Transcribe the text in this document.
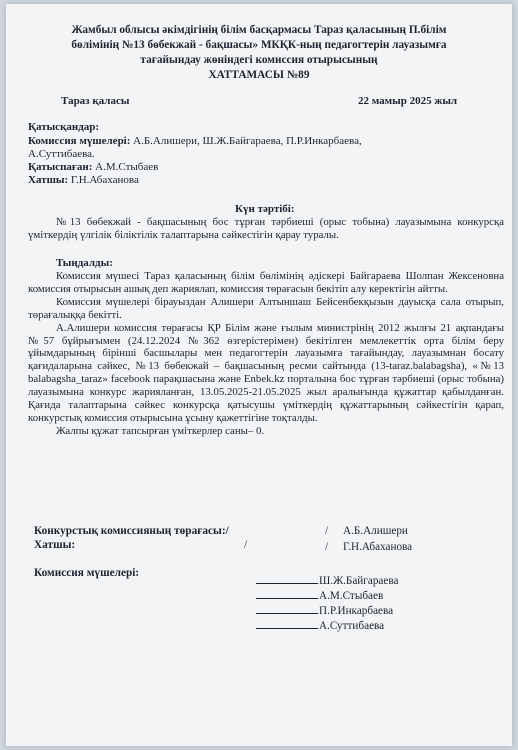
Жамбыл облысы әкімдігінің білім басқармасы Тараз қаласының П.білім
бөлімінің №13 бөбекжай - бақшасы» МКҚК-ның педагогтерін лауазымға
тағайындау жөніндегі комиссия отырысының
ХАТТАМАСЫ №89
Тараз қаласы	22 мамыр 2025 жыл
Қатысқандар:
Комиссия мүшелері: А.Б.Алишери, Ш.Ж.Байгараева, П.Р.Инкарбаева,
А.Суттибаева.
Қатыспаған: А.М.Стыбаев
Хатшы: Г.Н.Абаханова
Күн тәртібі:

№13 бөбекжай - бақшасының бос тұрған тәрбиеші (орыс тобына) лауазымына конкурсқа үміткердің үлгілік біліктілік талаптарына сәйкестігін қарау туралы.

Тыңдалды:

Комиссия мүшесі Тараз қаласының білім бөлімінің әдіскері Байгараева Шолпан Жексеновна комиссия отырысын ашық деп жариялап, комиссия төрағасын бекітіп алу керектігін айтты.

Комиссия мүшелері бірауыздан Алишери Алтыншаш Бейсенбекқызын дауысқа сала отырып, төрағалыққа бекітті.

А.Алишери комиссия төрағасы ҚР Білім және ғылым министрінің 2012 жылғы 21 ақпандағы №57 бұйрығымен (24.12.2024 №362 өзгерістерімен) бекітілген мемлекеттік орта білім беру ұйымдарының бірінші басшылары мен педагогтерін лауазымға тағайындау, лауазымнан босату қағидаларына сәйкес, №13 бөбекжай – бақшасының ресми сайтында (13-taraz.balabagsha), «№13 balabagsha_taraz» facebook парақшасына және Enbek.kz порталына бос тұрған тәрбиеші (орыс тобына) лауазымына конкурс жарияланған, 13.05.2025-21.05.2025 жыл аралығында құжаттар қабылданған. Қағида талаптарына сәйкес конкурсқа қатысушы үміткердің құжаттарының сәйкестігін қарап, конкурстық комиссия отырысына ұсыну қажеттігіне тоқталды.

Жалпы құжат тапсырған үміткерлер саны– 0.

Конкурстық комиссияның төрағасы:/	/ А.Б.Алишери
Хатшы:	/	/ Г.Н.Абаханова
Комиссия мүшелері:
Ш.Ж.Байгараева
А.М.Стыбаев
П.Р.Инкарбаева
А.Суттибаева
